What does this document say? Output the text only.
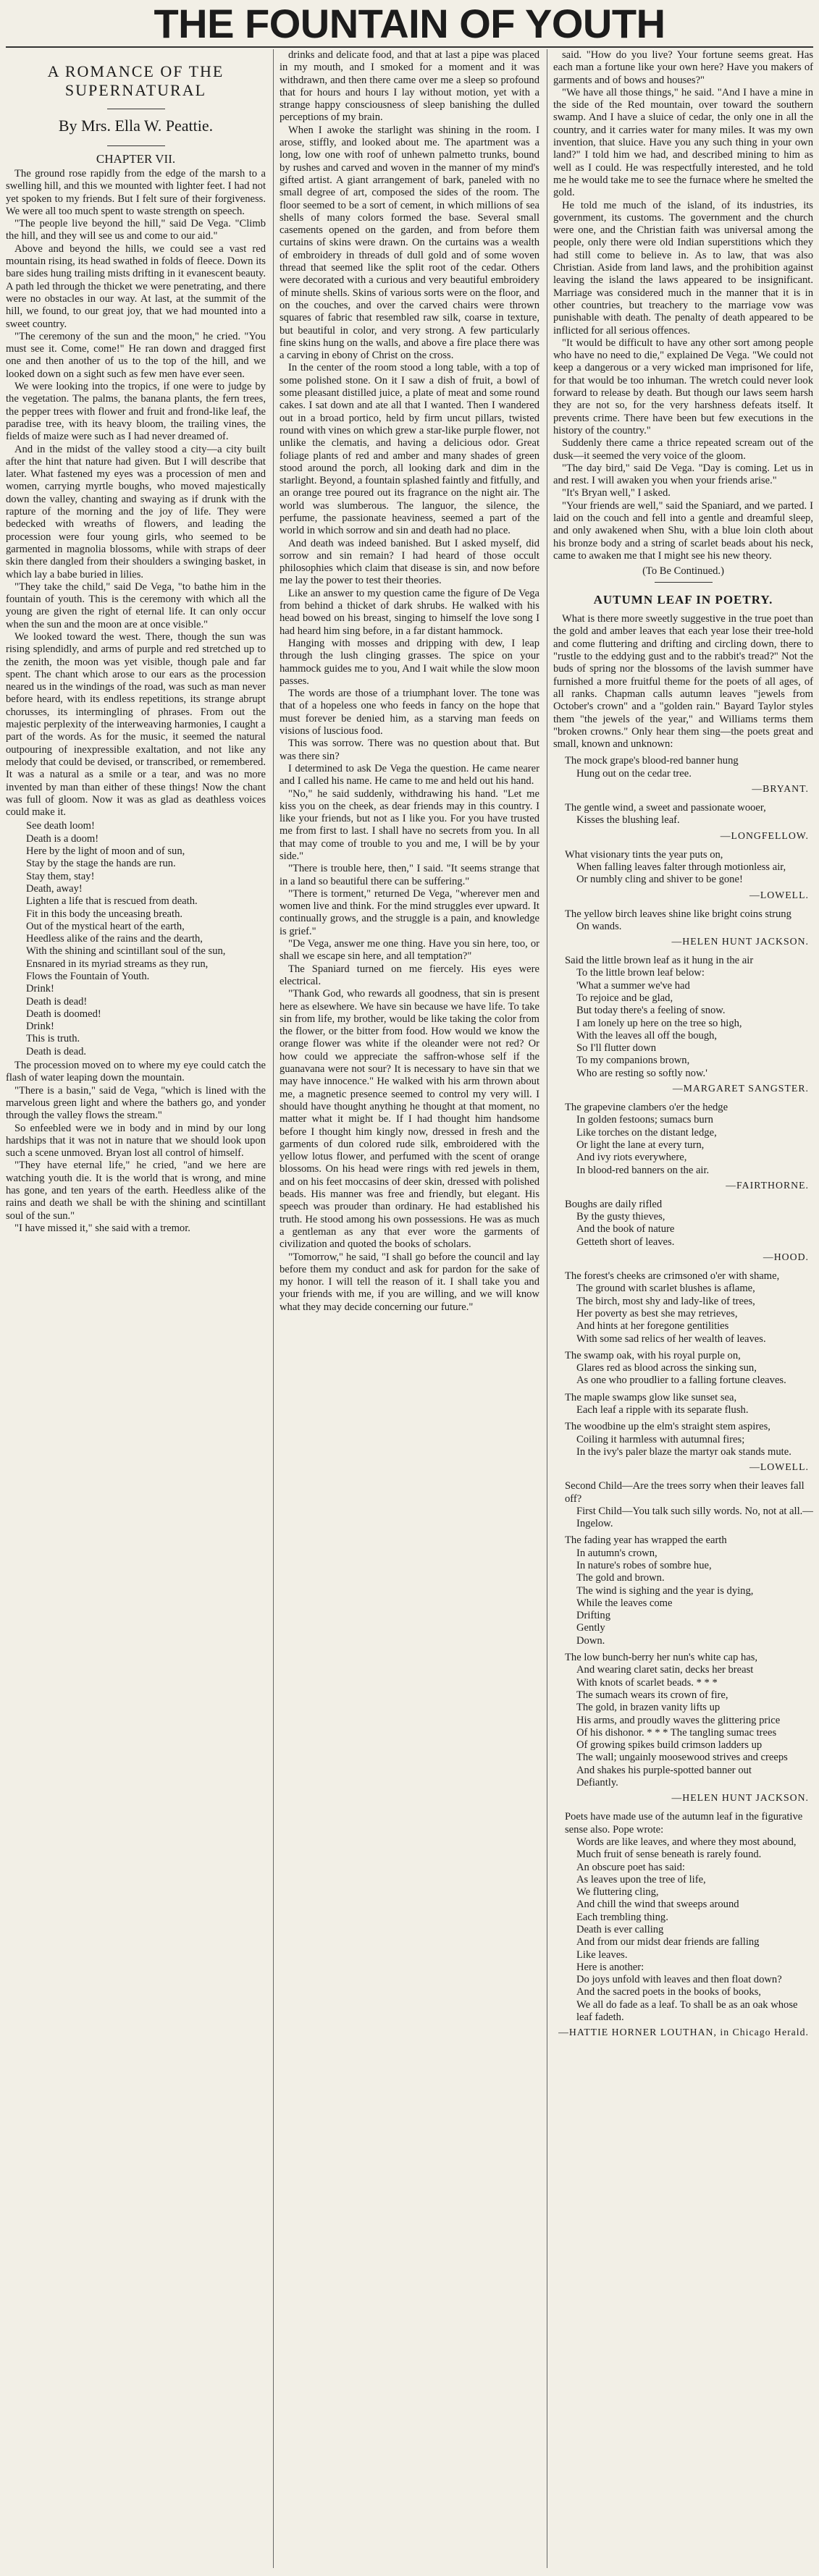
THE FOUNTAIN OF YOUTH
A ROMANCE OF THE SUPERNATURAL
By Mrs. Ella W. Peattie.
CHAPTER VII.

The ground rose rapidly from the edge of the marsh to a swelling hill, and this we mounted with lighter feet. I had not yet spoken to my friends. But I felt sure of their forgiveness. We were all too much spent to waste strength on speech.

"The people live beyond the hill," said De Vega. "Climb the hill, and they will see us and come to our aid."

Above and beyond the hills, we could see a vast red mountain rising, its head swathed in folds of fleece. Down its bare sides hung trailing mists drifting in it evanescent beauty. A path led through the thicket we were penetrating, and there were no obstacles in our way. At last, at the summit of the hill, we found, to our great joy, that we had mounted into a sweet country.

"The ceremony of the sun and the moon," he cried. "You must see it. Come, come!" He ran down and dragged first one and then another of us to the top of the hill, and we looked down on a sight such as few men have ever seen.

We were looking into the tropics, if one were to judge by the vegetation. The palms, the banana plants, the fern trees, the pepper trees with flower and fruit and frond-like leaf, the paradise tree, with its heavy bloom, the trailing vines, the fields of maize were such as I had never dreamed of.

And in the midst of the valley stood a city—a city built after the hint that nature had given. But I will describe that later. What fastened my eyes was a procession of men and women, carrying myrtle boughs, who moved majestically down the valley, chanting and swaying as if drunk with the rapture of the morning and the joy of life. They were bedecked with wreaths of flowers, and leading the procession were four young girls, who seemed to be garmented in magnolia blossoms, while with straps of deer skin there dangled from their shoulders a swinging basket, in which lay a babe buried in lilies.

"They take the child," said De Vega, "to bathe him in the fountain of youth. This is the ceremony with which all the young are given the right of eternal life. It can only occur when the sun and the moon are at once visible."

We looked toward the west. There, though the sun was rising splendidly, and arms of purple and red stretched up to the zenith, the moon was yet visible, though pale and far spent. The chant which arose to our ears as the procession neared us in the windings of the road, was such as man never before heard, with its endless repetitions, its strange abrupt chorusses, its intermingling of phrases. From out the majestic perplexity of the interweaving harmonies, I caught a part of the words. As for the music, it seemed the natural outpouring of inexpressible exaltation, and not like any melody that could be devised, or transcribed, or remembered. It was a natural as a smile or a tear, and was no more invented by man than either of these things! Now the chant was full of gloom. Now it was as glad as deathless voices could make it.

See death loom!
Death is a doom!
Here by the light of moon and of sun,
Stay by the stage the hands are run.
Stay them, stay!
Death, away!
Lighten a life that is rescued from death.
Fit in this body the unceasing breath.
Out of the mystical heart of the earth,
Heedless alike of the rains and the dearth,
With the shining and scintillant soul of the sun,
Ensnared in its myriad streams as they run,
Flows the Fountain of Youth.
Drink!
Death is dead!
Death is doomed!
Drink!
This is truth.
Death is dead.

The procession moved on to where my eye could catch the flash of water leaping down the mountain.

"There is a basin," said de Vega, "which is lined with the marvelous green light and where the bathers go, and yonder through the valley flows the stream."

So enfeebled were we in body and in mind by our long hardships that it was not in nature that we should look upon such a scene unmoved. Bryan lost all control of himself.

"They have eternal life," he cried, "and we here are watching youth die. It is the world that is wrong, and mine has gone, and ten years of the earth. Heedless alike of the rains and death we shall be with the shining and scintillant soul of the sun."

"I have missed it," she said with a tremor.

drinks and delicate food, and that at last a pipe was placed in my mouth, and I smoked for a moment and it was withdrawn, and then there came over me a sleep so profound that for hours and hours I lay without motion, yet with a strange happy consciousness of sleep banishing the dulled perceptions of my brain.

When I awoke the starlight was shining in the room. I arose, stiffly, and looked about me. The apartment was a long, low one with roof of unhewn palmetto trunks, bound by rushes and carved and woven in the manner of my mind's gifted artist. A giant arrangement of bark, paneled with no small degree of art, composed the sides of the room. The floor seemed to be a sort of cement, in which millions of sea shells of many colors formed the base. Several small casements opened on the garden, and from before them curtains of skins were drawn. On the curtains was a wealth of embroidery in threads of dull gold and of some woven thread that seemed like the split root of the cedar. Others were decorated with a curious and very beautiful embroidery of minute shells. Skins of various sorts were on the floor, and on the couches, and over the carved chairs were thrown squares of fabric that resembled raw silk, coarse in texture, but beautiful in color, and very strong. A few particularly fine skins hung on the walls, and above a fire place there was a carving in ebony of Christ on the cross.

In the center of the room stood a long table, with a top of some polished stone. On it I saw a dish of fruit, a bowl of some pleasant distilled juice, a plate of meat and some round cakes. I sat down and ate all that I wanted. Then I wandered out in a broad portico, held by firm uncut pillars, twisted round with vines on which grew a star-like purple flower, not unlike the clematis, and having a delicious odor. Great foliage plants of red and amber and many shades of green stood around the porch, all looking dark and dim in the starlight. Beyond, a fountain splashed faintly and fitfully, and an orange tree poured out its fragrance on the night air. The world was slumberous. The languor, the silence, the perfume, the passionate heaviness, seemed a part of the world in which sorrow and sin and death had no place.

And death was indeed banished. But I asked myself, did sorrow and sin remain? I had heard of those occult philosophies which claim that disease is sin, and now before me lay the power to test their theories.

Like an answer to my question came the figure of De Vega from behind a thicket of dark shrubs. He walked with his head bowed on his breast, singing to himself the love song I had heard him sing before, in a far distant hammock.

Hanging with mosses and dripping with dew, I leap through the lush clinging grasses. The spice on your hammock guides me to you, And I wait while the slow moon passes.

The words are those of a triumphant lover. The tone was that of a hopeless one who feeds in fancy on the hope that must forever be denied him, as a starving man feeds on visions of luscious food.

This was sorrow. There was no question about that. But was there sin?

I determined to ask De Vega the question. He came nearer and I called his name. He came to me and held out his hand.

"No," he said suddenly, withdrawing his hand. "Let me kiss you on the cheek, as dear friends may in this country. I like your friends, but not as I like you. For you have trusted me from first to last. I shall have no secrets from you. In all that may come of trouble to you and me, I will be by your side."

"There is trouble here, then," I said. "It seems strange that in a land so beautiful there can be suffering."

"There is torment," returned De Vega, "wherever men and women live and think. For the mind struggles ever upward. It continually grows, and the struggle is a pain, and knowledge is grief."

"De Vega, answer me one thing. Have you sin here, too, or shall we escape sin here, and all temptation?"

The Spaniard turned on me fiercely. His eyes were electrical.

"Thank God, who rewards all goodness, that sin is present here as elsewhere. We have sin because we have life. To take sin from life, my brother, would be like taking the color from the flower, or the bitter from food. How would we know the orange flower was white if the oleander were not red? Or how could we appreciate the saffron-whose self if the guanavana were not sour? It is necessary to have sin that we may have innocence." He walked with his arm thrown about me, a magnetic presence seemed to control my very will. I should have thought anything he thought at that moment, no matter what it might be. If I had thought him handsome before I thought him kingly now, dressed in fresh and the garments of dun colored rude silk, embroidered with the yellow lotus flower, and perfumed with the scent of orange blossoms. On his head were rings with red jewels in them, and on his feet moccasins of deer skin, dressed with polished beads. His manner was free and friendly, but elegant. His speech was prouder than ordinary. He had established his truth. He stood among his own possessions. He was as much a gentleman as any that ever wore the garments of civilization and quoted the books of scholars.

"Tomorrow," he said, "I shall go before the council and lay before them my conduct and ask for pardon for the sake of my honor. I will tell the reason of it. I shall take you and your friends with me, if you are willing, and we will know what they may decide concerning our future."

said. "How do you live? Your fortune seems great. Has each man a fortune like your own here? Have you makers of garments and of bows and houses?"

"We have all those things," he said. "And I have a mine in the side of the Red mountain, over toward the southern swamp. And I have a sluice of cedar, the only one in all the country, and it carries water for many miles. It was my own invention, that sluice. Have you any such thing in your own land?" I told him we had, and described mining to him as well as I could. He was respectfully interested, and he told me he would take me to see the furnace where he smelted the gold.

He told me much of the island, of its industries, its government, its customs. The government and the church were one, and the Christian faith was universal among the people, only there were old Indian superstitions which they had still come to believe in. As to law, that was also Christian. Aside from land laws, and the prohibition against leaving the island the laws appeared to be insignificant. Marriage was considered much in the manner that it is in other countries, but treachery to the marriage vow was punishable with death. The penalty of death appeared to be inflicted for all serious offences.

"It would be difficult to have any other sort among people who have no need to die," explained De Vega. "We could not keep a dangerous or a very wicked man imprisoned for life, for that would be too inhuman. The wretch could never look forward to release by death. But though our laws seem harsh they are not so, for the very harshness defeats itself. It prevents crime. There have been but few executions in the history of the country."

Suddenly there came a thrice repeated scream out of the dusk—it seemed the very voice of the gloom.

"The day bird," said De Vega. "Day is coming. Let us in and rest. I will awaken you when your friends arise."

"It's Bryan well," I asked.

"Your friends are well," said the Spaniard, and we parted. I laid on the couch and fell into a gentle and dreamful sleep, and only awakened when Shu, with a blue loin cloth about his bronze body and a string of scarlet beads about his neck, came to awaken me that I might see his new theory.

(To Be Continued.)
AUTUMN LEAF IN POETRY.

What is there more sweetly suggestive in the true poet than the gold and amber leaves that each year lose their tree-hold and come fluttering and drifting and circling down, there to "rustle to the eddying gust and to the rabbit's tread?" Not the buds of spring nor the blossoms of the lavish summer have furnished a more fruitful theme for the poets of all ages, of all ranks. Chapman calls autumn leaves "jewels from October's crown" and a "golden rain." Bayard Taylor styles them "the jewels of the year," and Williams terms them "broken crowns." Only hear them sing—the poets great and small, known and unknown:

The mock grape's blood-red banner hung
Hung out on the cedar tree.
—BRYANT.
The gentle wind, a sweet and passionate wooer,
Kisses the blushing leaf.
—LONGFELLOW.
What visionary tints the year puts on,
When falling leaves falter through motionless air,
Or numbly cling and shiver to be gone!
—LOWELL.
The yellow birch leaves shine like bright coins strung
On wands.
—HELEN HUNT JACKSON.
Said the little brown leaf as it hung in the air
To the little brown leaf below:
'What a summer we've had
To rejoice and be glad,
But today there's a feeling of snow.
I am lonely up here on the tree so high,
With the leaves all off the bough,
So I'll flutter down
To my companions brown,
Who are resting so softly now.'
—MARGARET SANGSTER.
The grapevine clambers o'er the hedge
In golden festoons; sumacs burn
Like torches on the distant ledge,
Or light the lane at every turn,
And ivy riots everywhere,
In blood-red banners on the air.
—FAIRTHORNE.
Boughs are daily rifled
By the gusty thieves,
And the book of nature
Getteth short of leaves.
—HOOD.
The forest's cheeks are crimsoned o'er with shame,
The ground with scarlet blushes is aflame,
The birch, most shy and lady-like of trees,
Her poverty as best she may retrieves,
And hints at her foregone gentilities
With some sad relics of her wealth of leaves.
The swamp oak, with his royal purple on,
Glares red as blood across the sinking sun,
As one who proudlier to a falling fortune cleaves.
The maple swamps glow like sunset sea,
Each leaf a ripple with its separate flush.
The woodbine up the elm's straight stem aspires,
Coiling it harmless with autumnal fires;
In the ivy's paler blaze the martyr oak stands mute.
—LOWELL.
Second Child—Are the trees sorry when their leaves fall off?
First Child—You talk such silly words. No, not at all.—Ingelow.
The fading year has wrapped the earth
In autumn's crown,
In nature's robes of sombre hue,
The gold and brown.
The wind is sighing and the year is dying,
While the leaves come
Drifting
Gently
Down.
The low bunch-berry her nun's white cap has,
And wearing claret satin, decks her breast
With knots of scarlet beads. * * *
The sumach wears its crown of fire,
The gold, in brazen vanity lifts up
His arms, and proudly waves the glittering price
Of his dishonor. * * * The tangling sumac trees
Of growing spikes build crimson ladders up
The wall; ungainly moosewood strives and creeps
And shakes his purple-spotted banner out
Defiantly.
—HELEN HUNT JACKSON.
Poets have made use of the autumn leaf in the figurative sense also. Pope wrote:
Words are like leaves, and where they most abound,
Much fruit of sense beneath is rarely found.
An obscure poet has said:
As leaves upon the tree of life,
We fluttering cling,
And chill the wind that sweeps around
Each trembling thing.
Death is ever calling
And from our midst dear friends are falling
Like leaves.
Here is another:
Do joys unfold with leaves and then float down?
And the sacred poets in the books of books,
We all do fade as a leaf. To shall be as an oak whose leaf fadeth.
—HATTIE HORNER LOUTHAN, in Chicago Herald.
